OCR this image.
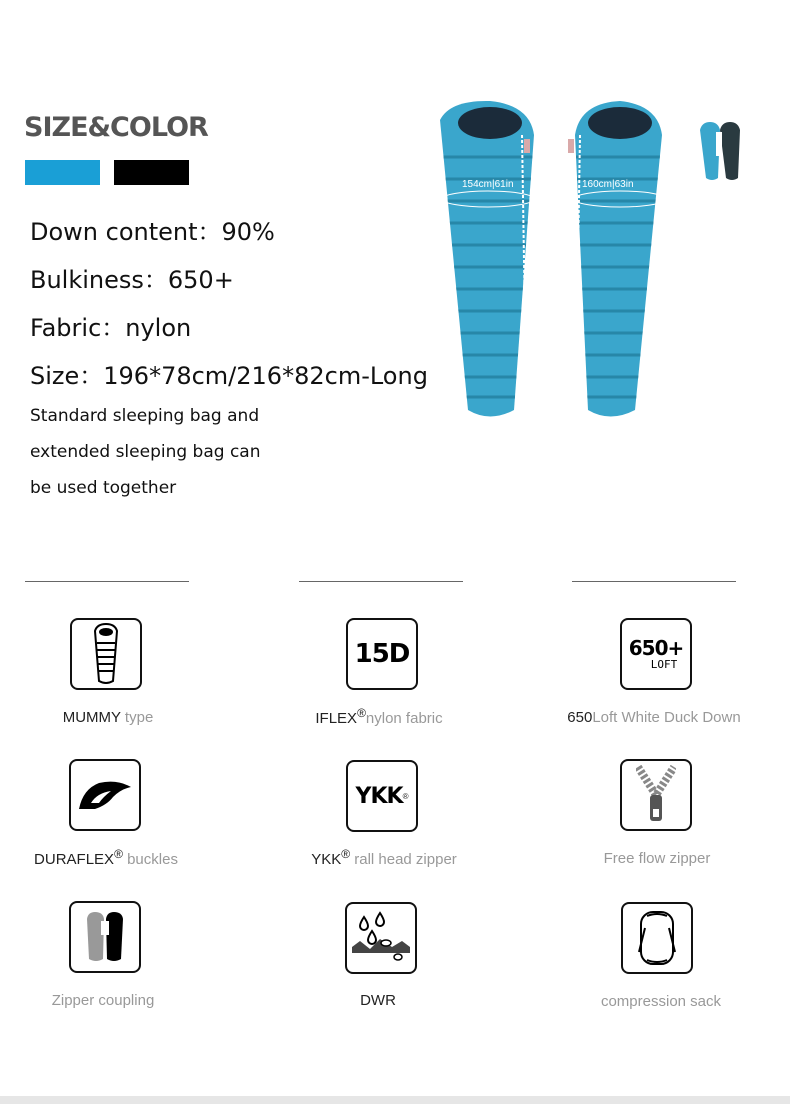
SIZE&COLOR
Down content：90%
Bulkiness：650+
Fabric：nylon
Size：196*78cm/216*82cm-Long
Standard sleeping bag and
extended sleeping bag can
be used together
154cm|61in	160cm|63in
15D	650+
LOFT
MUMMY type	IFLEX®nylon fabric	650Loft White Duck Down
YKK ®
DURAFLEX® buckles	YKK® rall head zipper	Free flow zipper
Zipper coupling	DWR	compression sack
